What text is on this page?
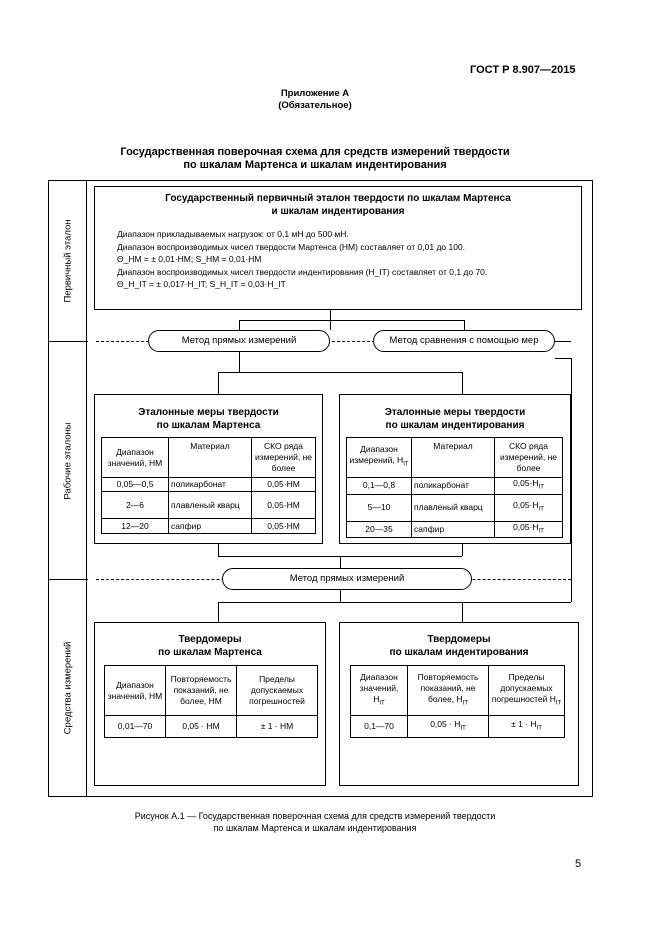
ГОСТ Р 8.907—2015
Приложение А
(Обязательное)
Государственная поверочная схема для средств измерений твердости
по шкалам Мартенса и шкалам индентирования
Первичный эталон
Рабочие эталоны
Средства измерений
Государственный первичный эталон твердости по шкалам Мартенса
и шкалам индентирования
Диапазон прикладываемых нагрузок: от 0,1 мН до 500 мН.
Диапазон воспроизводимых чисел твердости Мартенса (НМ) составляет от 0,01 до 100.
Θ_НМ = ± 0,01·НМ; S_НМ = 0,01·НМ
Диапазон воспроизводимых чисел твердости индентирования (H_IT) составляет от 0,1 до 70.
Θ_H_IT = ± 0,017·H_IT; S_H_IT = 0,03·H_IT
Метод прямых измерений	Метод сравнения с помощью мер
Эталонные меры твердости
по шкалам Мартенса
Диапазон значений, НМ	Материал	СКО ряда измерений, не более
0,05—0,5	поликарбонат	0,05·НМ
2—6	плавленый кварц	0,05·НМ
12—20	сапфир	0,05·НМ
Эталонные меры твердости
по шкалам индентирования
Диапазон измерений, $H_{IT}$	Материал	СКО ряда измерений, не более
0,1—0,8	поликарбонат	$0,05\cdot H_{IT}$
5—10	плавленый кварц	$0,05\cdot H_{IT}$
20—35	сапфир	$0,05\cdot H_{IT}$
Метод прямых измерений
Твердомеры
по шкалам Мартенса
Диапазон значений, НМ	Повторяемость показаний, не более, НМ	Пределы допускаемых погрешностей
0,01—70	0,05 · НМ	± 1 · НМ
Твердомеры
по шкалам индентирования
Диапазон значений, $H_{IT}$	Повторяемость показаний, не более, $H_{IT}$	Пределы допускаемых погрешностей $H_{IT}$
0,1—70	$0,05 \cdot H_{IT}$	± $1 \cdot H_{IT}$
Рисунок А.1 — Государственная поверочная схема для средств измерений твердости
по шкалам Мартенса и шкалам индентирования
5
